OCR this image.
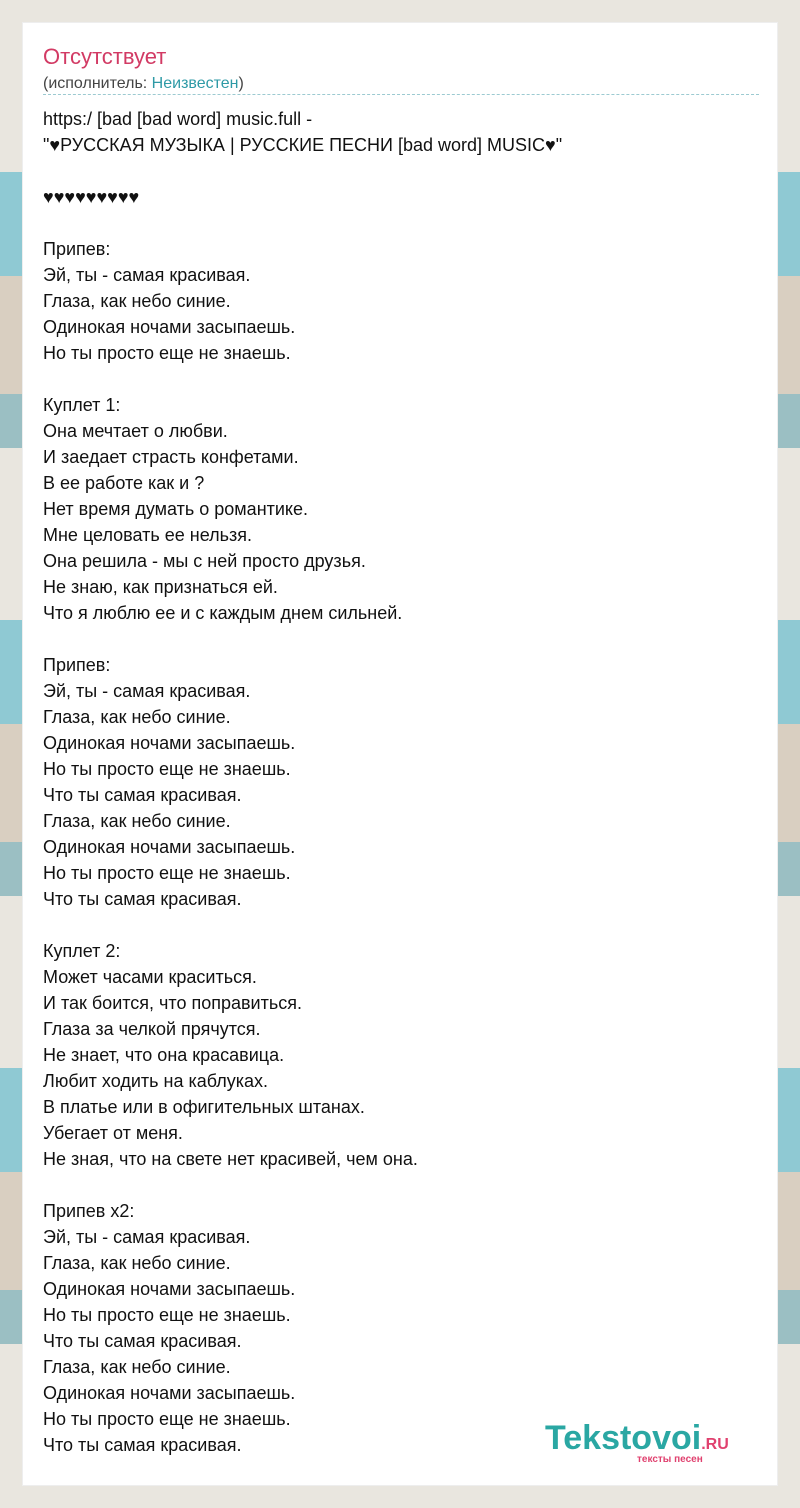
Отсутствует
(исполнитель: Неизвестен)
https:/ [bad [bad word] music.full -
"♥РУССКАЯ МУЗЫКА | РУССКИЕ ПЕСНИ [bad word] MUSIC♥"

♥♥♥♥♥♥♥♥♥

Припев:
Эй, ты - самая красивая.
Глаза, как небо синие.
Одинокая ночами засыпаешь.
Но ты просто еще не знаешь.

Куплет 1:
Она мечтает о любви.
И заедает страсть конфетами.
В ее работе как и ?
Нет время думать о романтике.
Мне целовать ее нельзя.
Она решила - мы с ней просто друзья.
Не знаю, как признаться ей.
Что я люблю ее и с каждым днем сильней.

Припев:
Эй, ты - самая красивая.
Глаза, как небо синие.
Одинокая ночами засыпаешь.
Но ты просто еще не знаешь.
Что ты самая красивая.
Глаза, как небо синие.
Одинокая ночами засыпаешь.
Но ты просто еще не знаешь.
Что ты самая красивая.

Куплет 2:
Может часами краситься.
И так боится, что поправиться.
Глаза за челкой прячутся.
Не знает, что она красавица.
Любит ходить на каблуках.
В платье или в офигительных штанах.
Убегает от меня.
Не зная, что на свете нет красивей, чем она.

Припев x2:
Эй, ты - самая красивая.
Глаза, как небо синие.
Одинокая ночами засыпаешь.
Но ты просто еще не знаешь.
Что ты самая красивая.
Глаза, как небо синие.
Одинокая ночами засыпаешь.
Но ты просто еще не знаешь.
Что ты самая красивая.	Tekstovoi.RU
тексты песен
